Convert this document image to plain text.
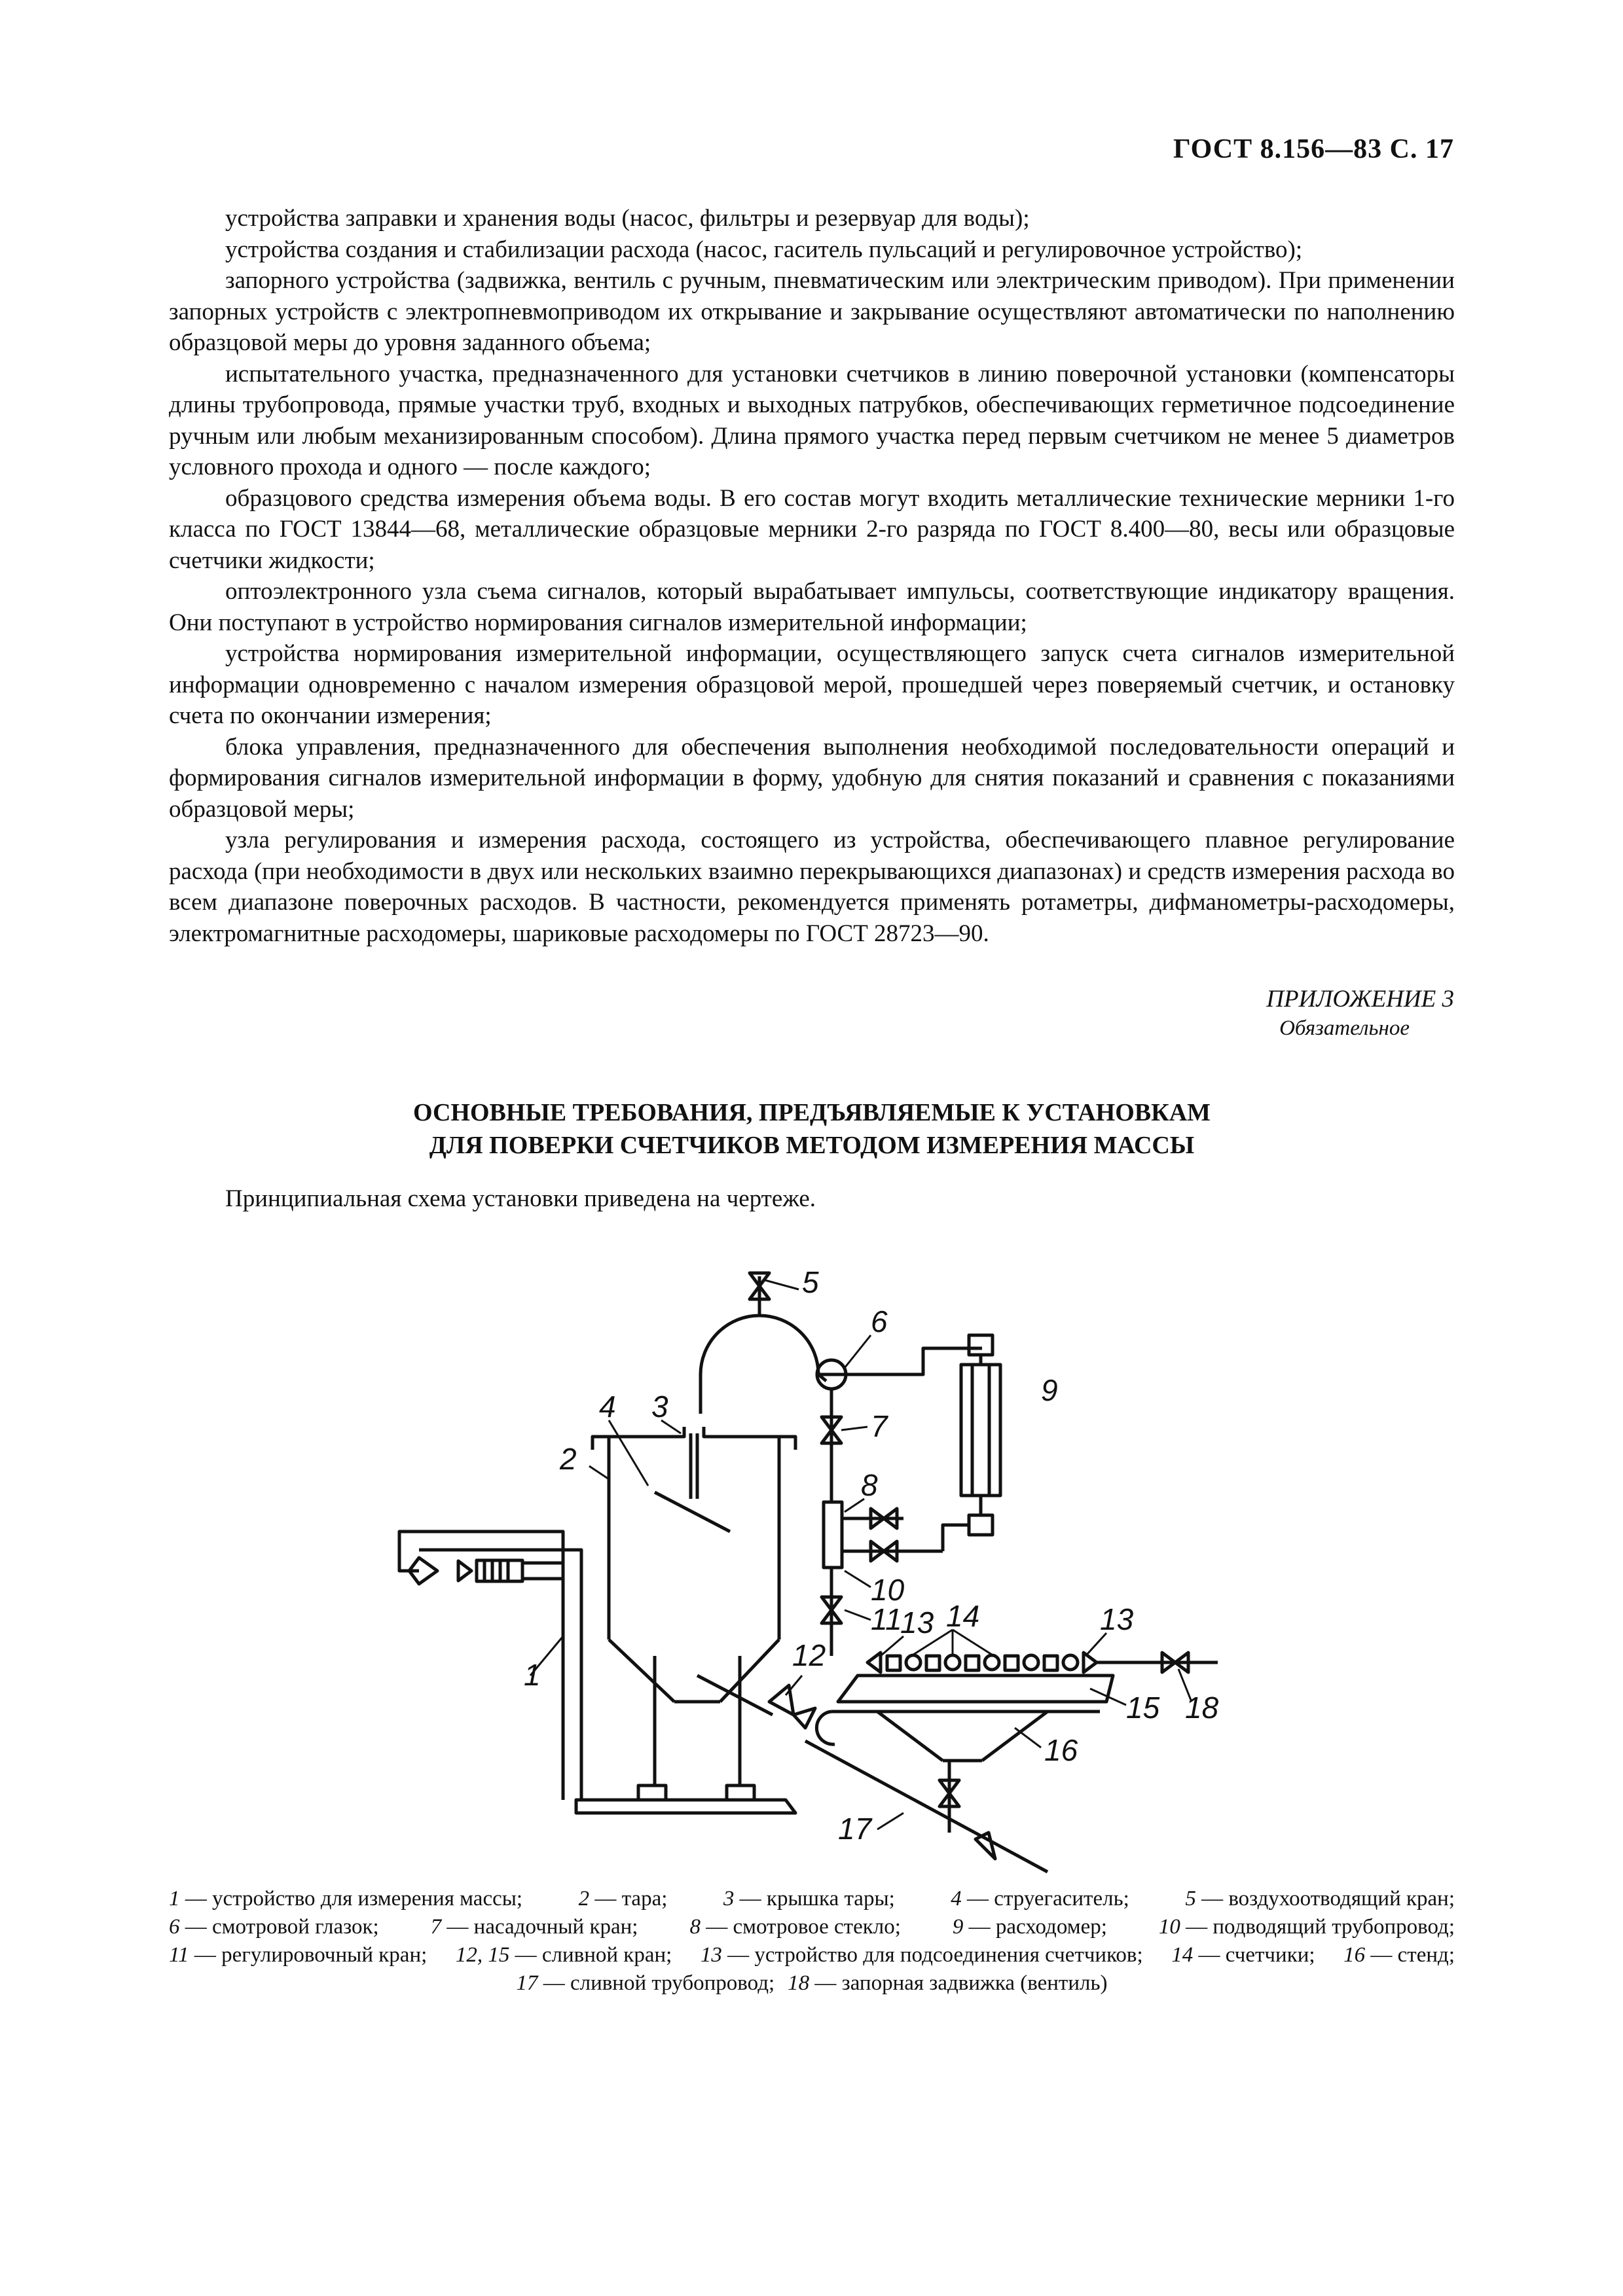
ГОСТ 8.156—83 С. 17

устройства заправки и хранения воды (насос, фильтры и резервуар для воды);

устройства создания и стабилизации расхода (насос, гаситель пульсаций и регулировочное устройство);

запорного устройства (задвижка, вентиль с ручным, пневматическим или электрическим приводом). При применении запорных устройств с электропневмоприводом их открывание и закрывание осуществляют автоматически по наполнению образцовой меры до уровня заданного объема;

испытательного участка, предназначенного для установки счетчиков в линию поверочной установки (компенсаторы длины трубопровода, прямые участки труб, входных и выходных патрубков, обеспечивающих герметичное подсоединение ручным или любым механизированным способом). Длина прямого участка перед первым счетчиком не менее 5 диаметров условного прохода и одного — после каждого;

образцового средства измерения объема воды. В его состав могут входить металлические технические мерники 1-го класса по ГОСТ 13844—68, металлические образцовые мерники 2-го разряда по ГОСТ 8.400—80, весы или образцовые счетчики жидкости;

оптоэлектронного узла съема сигналов, который вырабатывает импульсы, соответствующие индикатору вращения. Они поступают в устройство нормирования сигналов измерительной информации;

устройства нормирования измерительной информации, осуществляющего запуск счета сигналов измерительной информации одновременно с началом измерения образцовой мерой, прошедшей через поверяемый счетчик, и остановку счета по окончании измерения;

блока управления, предназначенного для обеспечения выполнения необходимой последовательности операций и формирования сигналов измерительной информации в форму, удобную для снятия показаний и сравнения с показаниями образцовой меры;

узла регулирования и измерения расхода, состоящего из устройства, обеспечивающего плавное регулирование расхода (при необходимости в двух или нескольких взаимно перекрывающихся диапазонах) и средств измерения расхода во всем диапазоне поверочных расходов. В частности, рекомендуется применять ротаметры, дифманометры-расходомеры, электромагнитные расходомеры, шариковые расходомеры по ГОСТ 28723—90.

ПРИЛОЖЕНИЕ 3
Обязательное
ОСНОВНЫЕ ТРЕБОВАНИЯ, ПРЕДЪЯВЛЯЕМЫЕ К УСТАНОВКАМ
ДЛЯ ПОВЕРКИ СЧЕТЧИКОВ МЕТОДОМ ИЗМЕРЕНИЯ МАССЫ
Принципиальная схема установки приведена на чертеже.
1
2
3
4
5
6
7
8
9
10
11
12
13 14	13
15 18
16
17
1 — устройство для измерения массы;	2 — тара;	3 — крышка тары;	4 — струегаситель;	5 — воздухоотводящий кран;
6 — смотровой глазок; 7 — насадочный кран; 8 — смотровое стекло; 9 — расходомер; 10 — подводящий трубопровод;
11 — регулировочный кран; 12, 15 — сливной кран; 13 — устройство для подсоединения счетчиков; 14 — счетчики; 16 — стенд;
17 — сливной трубопровод; 18 — запорная задвижка (вентиль)
